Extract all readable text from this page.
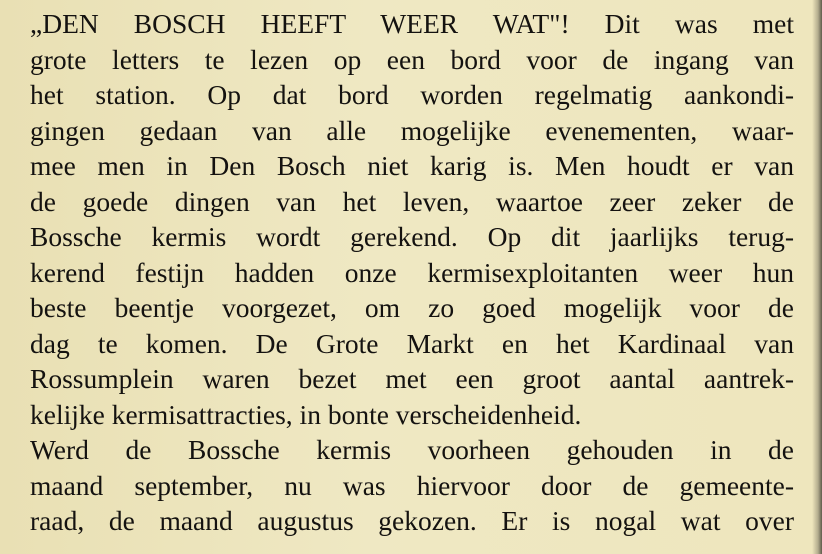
„DEN BOSCH HEEFT WEER WAT"! Dit was met
grote letters te lezen op een bord voor de ingang van
het station. Op dat bord worden regelmatig aankondi-
gingen gedaan van alle mogelijke evenementen, waar-
mee men in Den Bosch niet karig is. Men houdt er van
de goede dingen van het leven, waartoe zeer zeker de
Bossche kermis wordt gerekend. Op dit jaarlijks terug-
kerend festijn hadden onze kermisexploitanten weer hun
beste beentje voorgezet, om zo goed mogelijk voor de
dag te komen. De Grote Markt en het Kardinaal van
Rossumplein waren bezet met een groot aantal aantrek-
kelijke kermisattracties, in bonte verscheidenheid.
Werd de Bossche kermis voorheen gehouden in de
maand september, nu was hiervoor door de gemeente-
raad, de maand augustus gekozen. Er is nogal wat over
